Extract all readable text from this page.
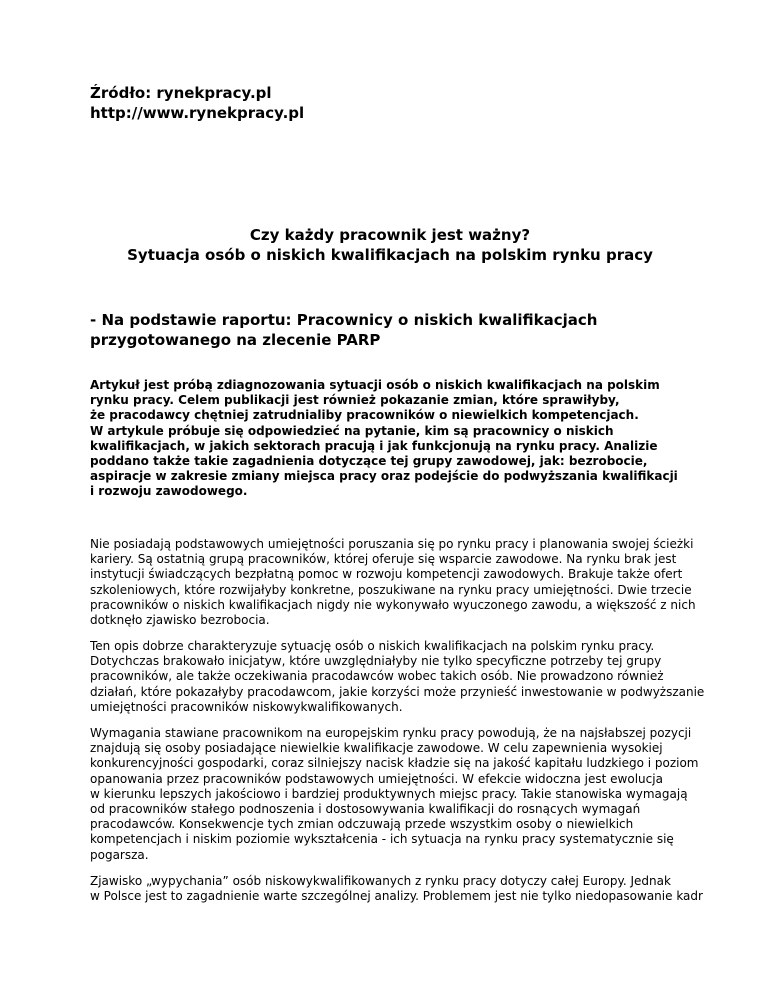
Źródło: rynekpracy.pl
http://www.rynekpracy.pl
Czy każdy pracownik jest ważny?
Sytuacja osób o niskich kwalifikacjach na polskim rynku pracy
- Na podstawie raportu: Pracownicy o niskich kwalifikacjach
przygotowanego na zlecenie PARP
Artykuł jest próbą zdiagnozowania sytuacji osób o niskich kwalifikacjach na polskim
rynku pracy. Celem publikacji jest również pokazanie zmian, które sprawiłyby,
że pracodawcy chętniej zatrudnialiby pracowników o niewielkich kompetencjach.
W artykule próbuje się odpowiedzieć na pytanie, kim są pracownicy o niskich
kwalifikacjach, w jakich sektorach pracują i jak funkcjonują na rynku pracy. Analizie
poddano także takie zagadnienia dotyczące tej grupy zawodowej, jak: bezrobocie,
aspiracje w zakresie zmiany miejsca pracy oraz podejście do podwyższania kwalifikacji
i rozwoju zawodowego.
Nie posiadają podstawowych umiejętności poruszania się po rynku pracy i planowania swojej ścieżki
kariery. Są ostatnią grupą pracowników, której oferuje się wsparcie zawodowe. Na rynku brak jest
instytucji świadczących bezpłatną pomoc w rozwoju kompetencji zawodowych. Brakuje także ofert
szkoleniowych, które rozwijałyby konkretne, poszukiwane na rynku pracy umiejętności. Dwie trzecie
pracowników o niskich kwalifikacjach nigdy nie wykonywało wyuczonego zawodu, a większość z nich
dotknęło zjawisko bezrobocia.
Ten opis dobrze charakteryzuje sytuację osób o niskich kwalifikacjach na polskim rynku pracy.
Dotychczas brakowało inicjatyw, które uwzględniałyby nie tylko specyficzne potrzeby tej grupy
pracowników, ale także oczekiwania pracodawców wobec takich osób. Nie prowadzono również
działań, które pokazałyby pracodawcom, jakie korzyści może przynieść inwestowanie w podwyższanie
umiejętności pracowników niskowykwalifikowanych.
Wymagania stawiane pracownikom na europejskim rynku pracy powodują, że na najsłabszej pozycji
znajdują się osoby posiadające niewielkie kwalifikacje zawodowe. W celu zapewnienia wysokiej
konkurencyjności gospodarki, coraz silniejszy nacisk kładzie się na jakość kapitału ludzkiego i poziom
opanowania przez pracowników podstawowych umiejętności. W efekcie widoczna jest ewolucja
w kierunku lepszych jakościowo i bardziej produktywnych miejsc pracy. Takie stanowiska wymagają
od pracowników stałego podnoszenia i dostosowywania kwalifikacji do rosnących wymagań
pracodawców. Konsekwencje tych zmian odczuwają przede wszystkim osoby o niewielkich
kompetencjach i niskim poziomie wykształcenia - ich sytuacja na rynku pracy systematycznie się
pogarsza.
Zjawisko „wypychania” osób niskowykwalifikowanych z rynku pracy dotyczy całej Europy. Jednak
w Polsce jest to zagadnienie warte szczególnej analizy. Problemem jest nie tylko niedopasowanie kadr
